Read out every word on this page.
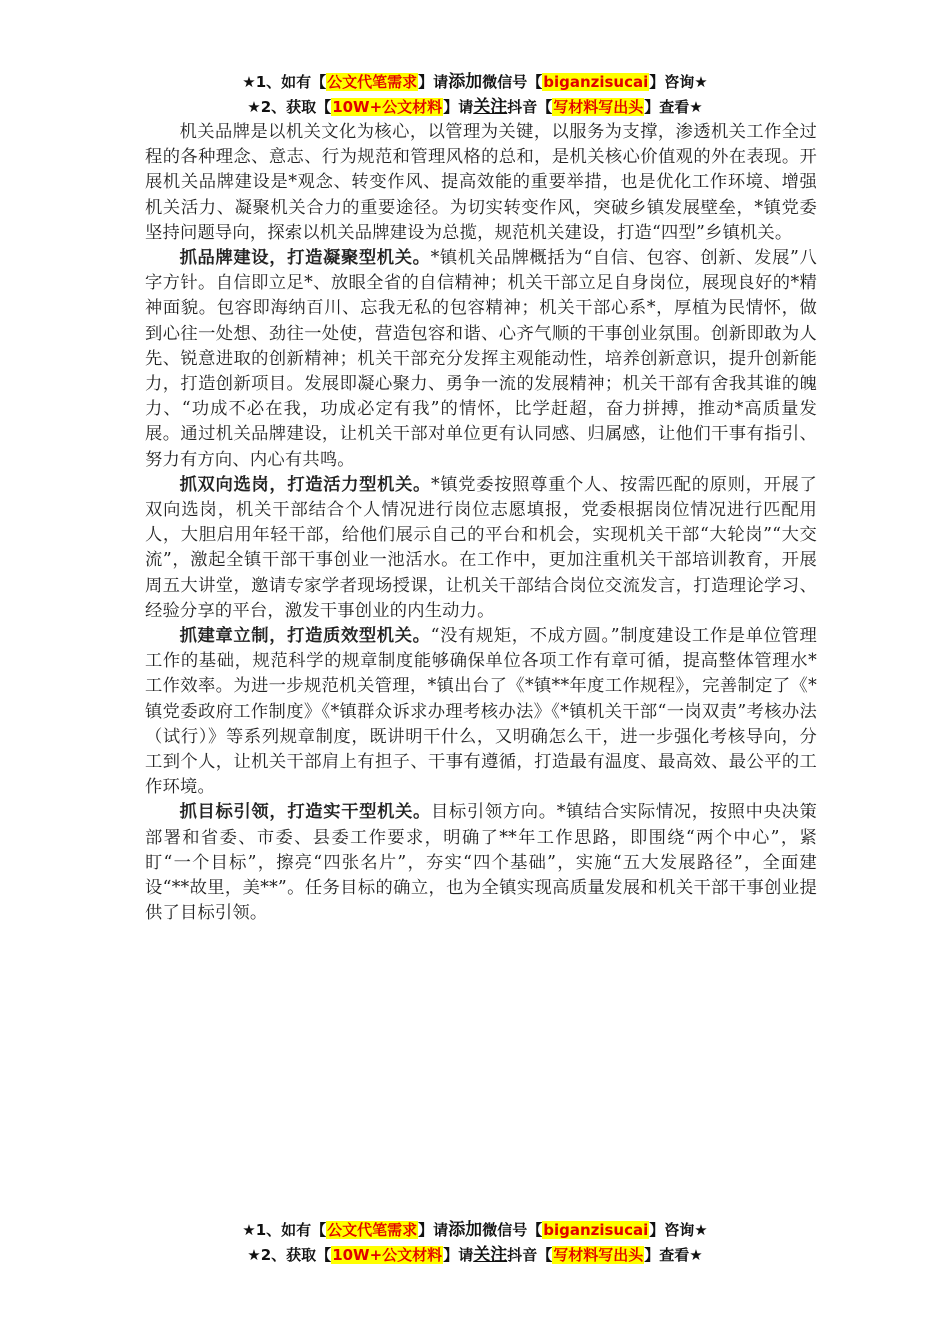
★1、如有【公文代笔需求】请添加微信号【biganzisucai】咨询★
★2、获取【10W+公文材料】请关注抖音【写材料写出头】查看★

机关品牌是以机关文化为核心，以管理为关键，以服务为支撑，渗透机关工作全过程的各种理念、意志、行为规范和管理风格的总和，是机关核心价值观的外在表现。开展机关品牌建设是*观念、转变作风、提高效能的重要举措，也是优化工作环境、增强机关活力、凝聚机关合力的重要途径。为切实转变作风，突破乡镇发展壁垒，*镇党委坚持问题导向，探索以机关品牌建设为总揽，规范机关建设，打造“四型”乡镇机关。

抓品牌建设，打造凝聚型机关。*镇机关品牌概括为“自信、包容、创新、发展”八字方针。自信即立足*、放眼全省的自信精神；机关干部立足自身岗位，展现良好的*精神面貌。包容即海纳百川、忘我无私的包容精神；机关干部心系*，厚植为民情怀，做到心往一处想、劲往一处使，营造包容和谐、心齐气顺的干事创业氛围。创新即敢为人先、锐意进取的创新精神；机关干部充分发挥主观能动性，培养创新意识，提升创新能力，打造创新项目。发展即凝心聚力、勇争一流的发展精神；机关干部有舍我其谁的魄力、“功成不必在我，功成必定有我”的情怀，比学赶超，奋力拼搏，推动*高质量发展。通过机关品牌建设，让机关干部对单位更有认同感、归属感，让他们干事有指引、努力有方向、内心有共鸣。

抓双向选岗，打造活力型机关。*镇党委按照尊重个人、按需匹配的原则，开展了双向选岗，机关干部结合个人情况进行岗位志愿填报，党委根据岗位情况进行匹配用人，大胆启用年轻干部，给他们展示自己的平台和机会，实现机关干部“大轮岗”“大交流”，激起全镇干部干事创业一池活水。在工作中，更加注重机关干部培训教育，开展周五大讲堂，邀请专家学者现场授课，让机关干部结合岗位交流发言，打造理论学习、经验分享的平台，激发干事创业的内生动力。

抓建章立制，打造质效型机关。“没有规矩，不成方圆。”制度建设工作是单位管理工作的基础，规范科学的规章制度能够确保单位各项工作有章可循，提高整体管理水*工作效率。为进一步规范机关管理，*镇出台了《*镇**年度工作规程》，完善制定了《*镇党委政府工作制度》《*镇群众诉求办理考核办法》《*镇机关干部“一岗双责”考核办法（试行）》等系列规章制度，既讲明干什么，又明确怎么干，进一步强化考核导向，分工到个人，让机关干部肩上有担子、干事有遵循，打造最有温度、最高效、最公平的工作环境。

抓目标引领，打造实干型机关。目标引领方向。*镇结合实际情况，按照中央决策部署和省委、市委、县委工作要求，明确了**年工作思路，即围绕“两个中心”，紧盯“一个目标”，擦亮“四张名片”，夯实“四个基础”，实施“五大发展路径”，全面建设“**故里，美**”。任务目标的确立，也为全镇实现高质量发展和机关干部干事创业提供了目标引领。

★1、如有【公文代笔需求】请添加微信号【biganzisucai】咨询★
★2、获取【10W+公文材料】请关注抖音【写材料写出头】查看★
